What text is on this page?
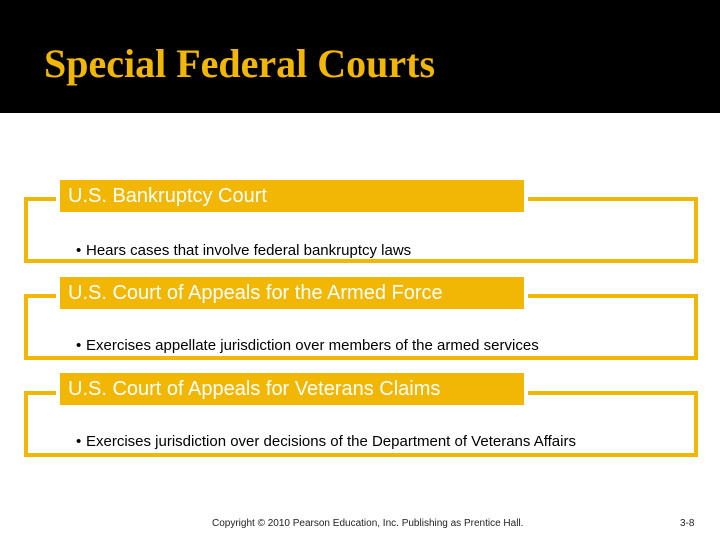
Special Federal Courts
U.S. Bankruptcy Court
• Hears cases that involve federal bankruptcy laws
U.S. Court of Appeals for the Armed Force
• Exercises appellate jurisdiction over members of the armed services
U.S. Court of Appeals for Veterans Claims
• Exercises jurisdiction over decisions of the Department of Veterans Affairs
Copyright © 2010 Pearson Education, Inc. Publishing as Prentice Hall.	3-8
